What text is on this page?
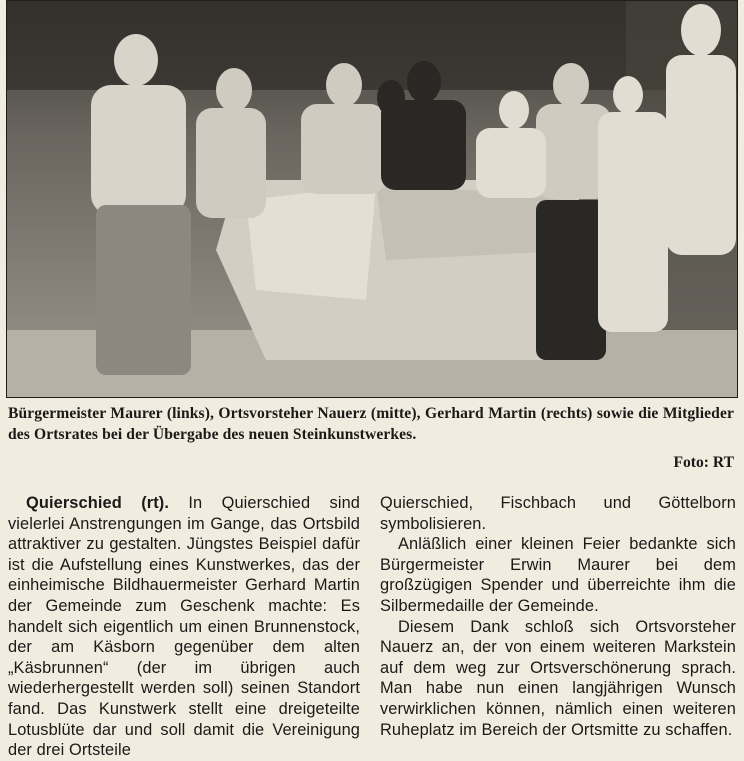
Bürgermeister Maurer (links), Ortsvorsteher Nauerz (mitte), Gerhard Martin (rechts) sowie die Mitglieder des Ortsrates bei der Übergabe des neuen Steinkunstwerkes.
Foto: RT

Quierschied (rt). In Quierschied sind vielerlei Anstrengungen im Gange, das Ortsbild attraktiver zu gestalten. Jüngstes Beispiel dafür ist die Aufstellung eines Kunstwerkes, das der einheimische Bildhauermeister Gerhard Martin der Gemeinde zum Geschenk machte: Es handelt sich eigentlich um einen Brunnenstock, der am Käsborn gegenüber dem alten „Käsbrunnen“ (der im übrigen auch wiederhergestellt werden soll) seinen Standort fand. Das Kunstwerk stellt eine dreigeteilte Lotusblüte dar und soll damit die Vereinigung der drei Ortsteile

Quierschied, Fischbach und Göttelborn symbolisieren.

Anläßlich einer kleinen Feier bedankte sich Bürgermeister Erwin Maurer bei dem großzügigen Spender und überreichte ihm die Silbermedaille der Gemeinde.

Diesem Dank schloß sich Ortsvorsteher Nauerz an, der von einem weiteren Markstein auf dem weg zur Ortsverschönerung sprach. Man habe nun einen langjährigen Wunsch verwirklichen können, nämlich einen weiteren Ruheplatz im Bereich der Ortsmitte zu schaffen.
